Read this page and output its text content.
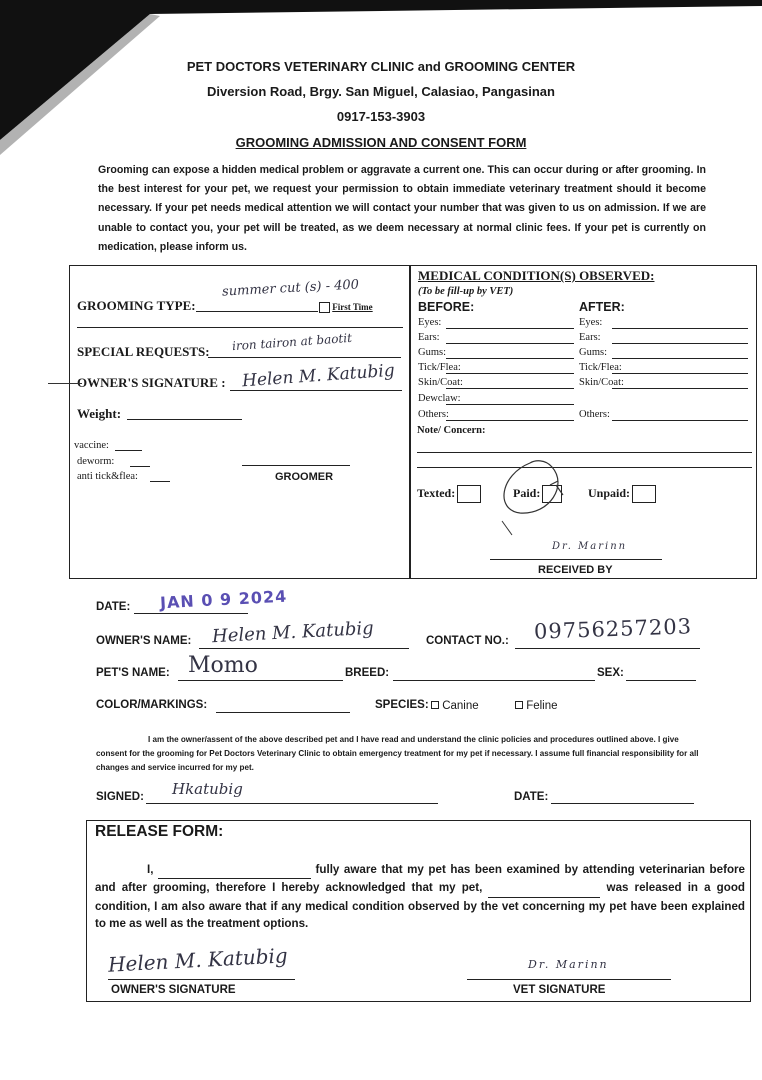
PET DOCTORS VETERINARY CLINIC and GROOMING CENTER
Diversion Road, Brgy. San Miguel, Calasiao, Pangasinan
0917-153-3903
GROOMING ADMISSION AND CONSENT FORM
Grooming can expose a hidden medical problem or aggravate a current one. This can occur during or after grooming. In the best interest for your pet, we request your permission to obtain immediate veterinary treatment should it become necessary. If your pet needs medical attention we will contact your number that was given to us on admission. If we are unable to contact you, your pet will be treated, as we deem necessary at normal clinic fees. If your pet is currently on medication, please inform us.
GROOMING TYPE:
summer cut (s) - 400
First Time
SPECIAL REQUESTS: iron tairon at baotit
OWNER'S SIGNATURE : Helen M. Katubig
Weight:
vaccine:
deworm:
anti tick&flea:	GROOMER
MEDICAL CONDITION(S) OBSERVED:
(To be fill-up by VET)
BEFORE:	AFTER:
Eyes:	Eyes:
Ears:	Ears:
Gums:	Gums:
Tick/Flea:	Tick/Flea:
Skin/Coat:	Skin/Coat:
Dewclaw:
Others:	Others:
Note/ Concern:
Texted:	Paid:	Unpaid:
Dr. Marinn
RECEIVED BY
DATE: JAN 0 9 2024
OWNER'S NAME: Helen M. Katubig	CONTACT NO.: 09756257203
PET'S NAME: Momo	BREED:	SEX:
COLOR/MARKINGS:	SPECIES:	Canine	Feline
I am the owner/assent of the above described pet and I have read and understand the clinic policies and procedures outlined above. I give consent for the grooming for Pet Doctors Veterinary Clinic to obtain emergency treatment for my pet if necessary. I assume full financial responsibility for all changes and service incurred for my pet.
SIGNED: Hkatubig	DATE:
RELEASE FORM:
I,	fully aware that my pet has been examined by attending veterinarian before and after grooming, therefore I hereby acknowledged that my pet,	was released in a good condition, I am also aware that if any medical condition observed by the vet concerning my pet have been explained to me as well as the treatment options.
Helen M. Katubig
OWNER'S SIGNATURE
Dr. Marinn
VET SIGNATURE
